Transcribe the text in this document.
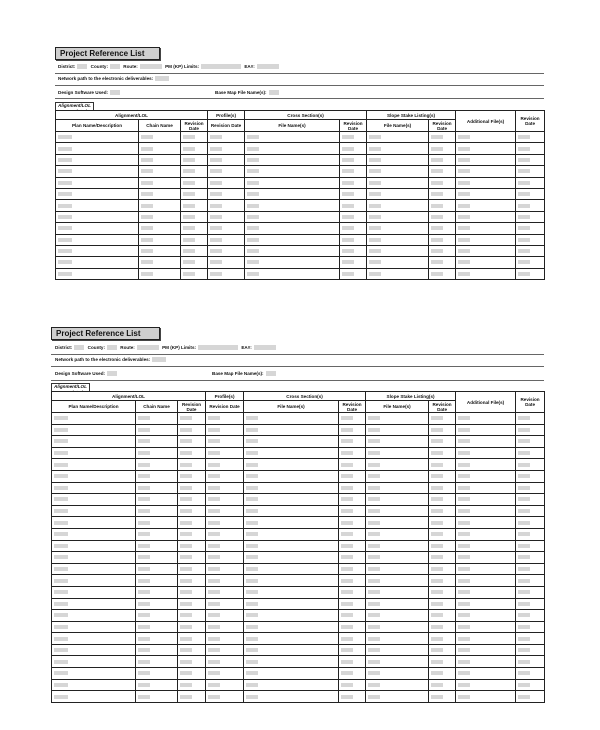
Project Reference List
District:	County:	Route:	PM (KP) Limits:	EA#:
Network path to the electronic deliverables:
Design Software Used:	Base Map File Name(s):
Alignment/LOL
Alignment/LOL			Profile(s)	Cross Section(s)		Slope Stake Listing(s)		Additional File(s)	Revision Date
Plan Name/Description	Chain Name	Revision Date	Revision Date	File Name(s)	Revision Date	File Name(s)	Revision Date		

Project Reference List
District:	County:	Route:	PM (KP) Limits:	EA#:
Network path to the electronic deliverables:
Design Software Used:	Base Map File Name(s):
Alignment/LOL
Alignment/LOL			Profile(s)	Cross Section(s)		Slope Stake Listing(s)		Additional File(s)	Revision Date
Plan Name/Description	Chain Name	Revision Date	Revision Date	File Name(s)	Revision Date	File Name(s)	Revision Date		
